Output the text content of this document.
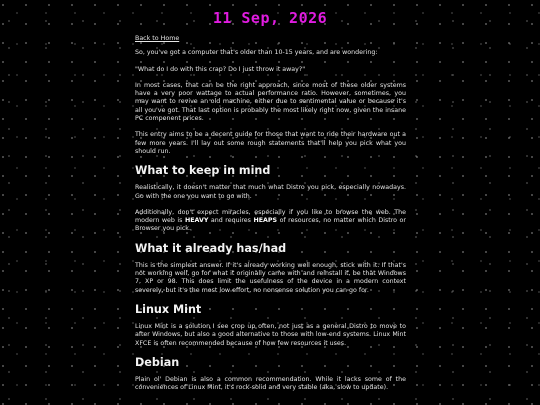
11 Sep, 2026
Back to Home

So, you've got a computer that's older than 10-15 years, and are wondering:

"What do I do with this crap? Do I just throw it away?"

In most cases, that can be the right approach, since most of these older systems have a very poor wattage to actual performance ratio. However, sometimes, you may want to revive an old machine, either due to sentimental value or because it's all you've got. That last option is probably the most likely right now, given the insane PC component prices.

This entry aims to be a decent guide for those that want to ride their hardware out a few more years. I'll lay out some rough statements that'll help you pick what you should run.

What to keep in mind

Realistically, it doesn't matter that much what Distro you pick, especially nowadays. Go with the one you want to go with.

Additionally, don't expect miracles, especially if you like to browse the web. The modern web is HEAVY and requires HEAPS of resources, no matter which Distro or Browser you pick.

What it already has/had

This is the simplest answer. If it's already working well enough, stick with it. If that's not working well, go for what it originally came with and reinstall it, be that Windows 7, XP or 98. This does limit the usefulness of the device in a modern context severely, but it's the most low effort, no nonsense solution you can go for.

Linux Mint

Linux Mint is a solution I see crop up often, not just as a general Distro to move to after Windows, but also a good alternative to those with low-end systems. Linux Mint XFCE is often recommended because of how few resources it uses.

Debian

Plain ol' Debian is also a common recommendation. While it lacks some of the conveniences of Linux Mint, it's rock-solid and very stable (aka, slow to update).
